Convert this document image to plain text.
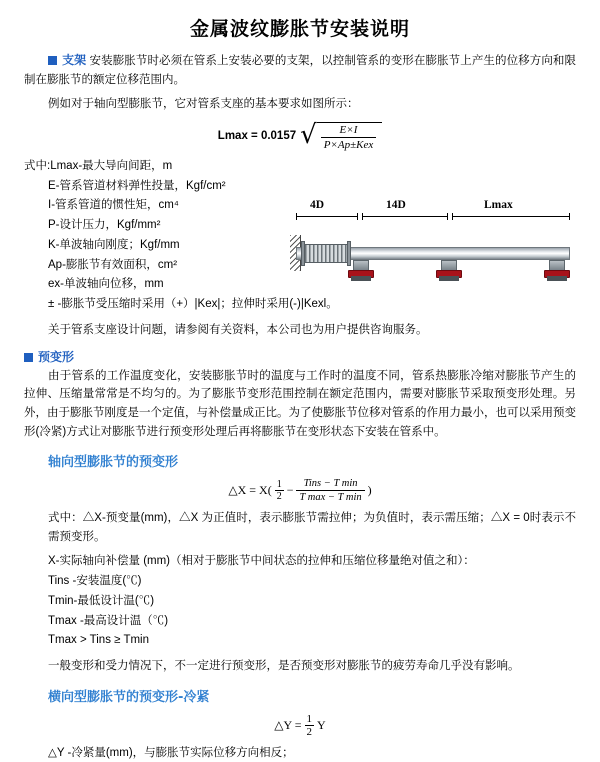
金属波纹膨胀节安装说明
支架 安装膨胀节时必须在管系上安装必要的支架，以控制管系的变形在膨胀节上产生的位移方向和限制在膨胀节的额定位移范围内。
例如对于轴向型膨胀节，它对管系支座的基本要求如图所示：
Lmax = 0.0157 √ $\frac{E\times I}{\text{P×Ap±Kex}}$
4D	14D	Lmax
式中:Lmax-最大导向间距，m
E-管系管道材料弹性投量，Kgf/cm²
I-管系管道的惯性矩，cm⁴
P-设计压力，Kgf/mm²
K-单波轴向刚度；Kgf/mm
Ap-膨胀节有效面积，cm²
ex-单波轴向位移，mm
± -膨胀节受压缩时采用（+）|Kex|；拉伸时采用(-)|Kexl。
关于管系支座设计问题，请参阅有关资料，本公司也为用户提供咨询服务。
预变形
由于管系的工作温度变化，安装膨胀节时的温度与工作时的温度不同，管系热膨胀冷缩对膨胀节产生的拉伸、压缩量常常是不均匀的。为了膨胀节变形范围控制在额定范围内，需要对膨胀节采取预变形处理。另外，由于膨胀节刚度是一个定值，与补偿量成正比。为了使膨胀节位移对管系的作用力最小，也可以采用预变形(冷紧)方式让对膨胀节进行预变形处理后再将膨胀节在变形状态下安装在管系中。
轴向型膨胀节的预变形
△X = $X( \frac{1}{2} - \frac{\text{Tins − T min}}{\text{T max − T min}}$ )
式中：△X-预变量(mm)，△X 为正值时，表示膨胀节需拉伸；为负值时，表示需压缩；△X = 0时表示不需预变形。
X-实际轴向补偿量 (mm)（相对于膨胀节中间状态的拉伸和压缩位移量绝对值之和）：
Tins -安装温度(℃)
Tmin-最低设计温(℃)
Tmax -最高设计温（℃)
Tmax > Tins ≥ Tmin
一般变形和受力情况下，不一定进行预变形，是否预变形对膨胀节的疲劳寿命几乎没有影响。
横向型膨胀节的预变形-冷紧
△Y = $\frac{1}{2}$ Y
△Y -冷紧量(mm)，与膨胀节实际位移方向相反；
